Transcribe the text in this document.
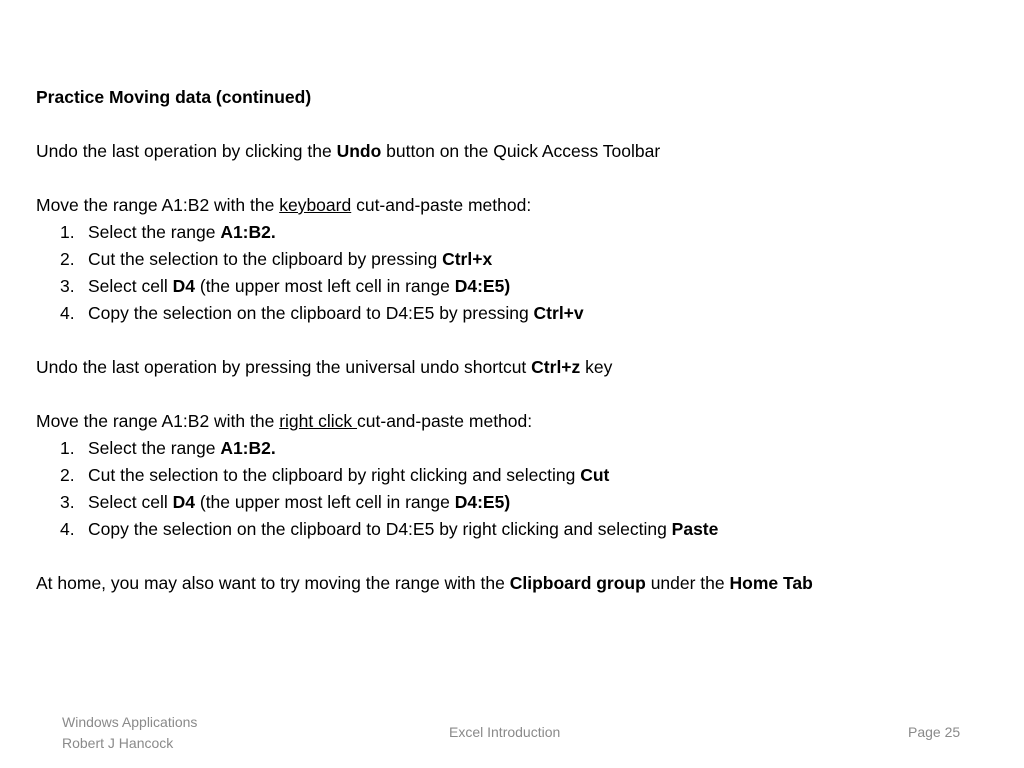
Practice Moving data (continued)
Undo the last operation by clicking the Undo button on the Quick Access Toolbar
Move the range A1:B2 with the keyboard cut-and-paste method:
1. Select the range A1:B2.
2. Cut the selection to the clipboard by pressing Ctrl+x
3. Select cell D4 (the upper most left cell in range D4:E5)
4. Copy the selection on the clipboard to D4:E5 by pressing Ctrl+v
Undo the last operation by pressing the universal undo shortcut Ctrl+z key
Move the range A1:B2 with the right click cut-and-paste method:
1. Select the range A1:B2.
2. Cut the selection to the clipboard by right clicking and selecting Cut
3. Select cell D4 (the upper most left cell in range D4:E5)
4. Copy the selection on the clipboard to D4:E5 by right clicking and selecting Paste
At home, you may also want to try moving the range with the Clipboard group under the Home Tab
Windows Applications
Robert J Hancock
Excel Introduction	Page 25
